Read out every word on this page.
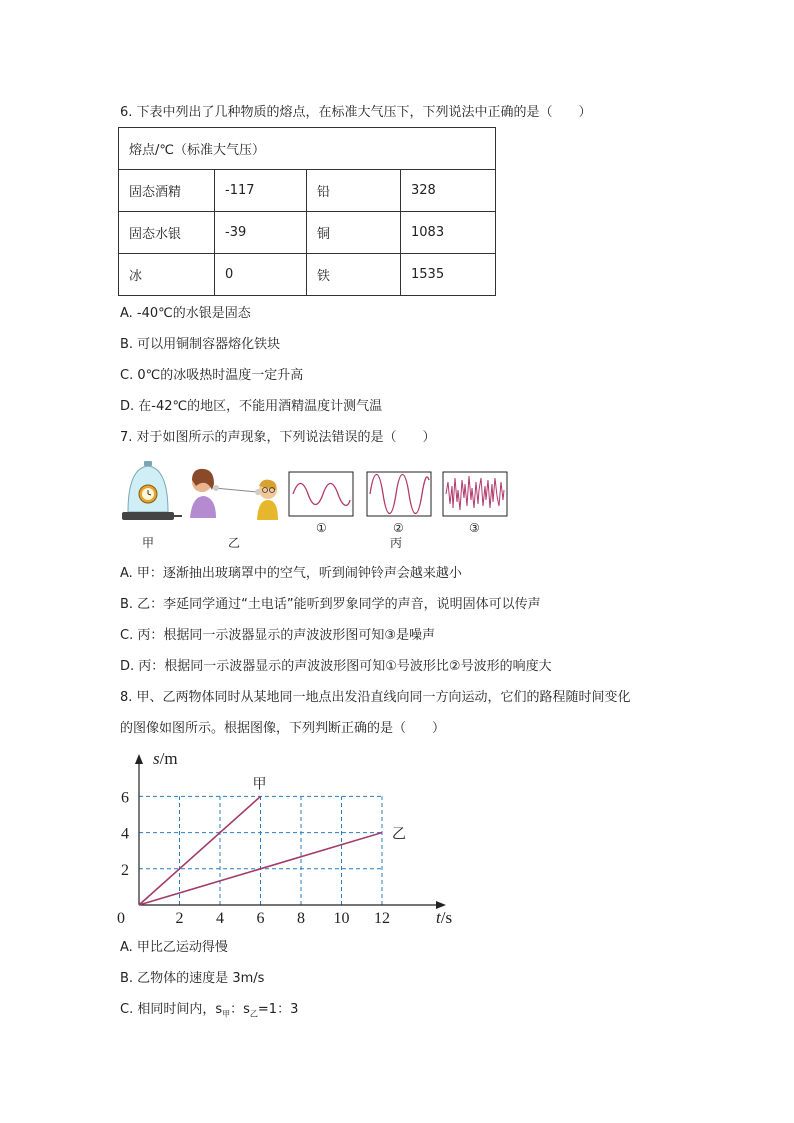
6. 下表中列出了几种物质的熔点，在标准大气压下，下列说法中正确的是（　　）
熔点/℃（标准大气压）			
固态酒精	-117	铅	328
固态水银	-39	铜	1083
冰	0	铁	1535
A. -40℃的水银是固态
B. 可以用铜制容器熔化铁块
C. 0℃的冰吸热时温度一定升高
D. 在-42℃的地区，不能用酒精温度计测气温
7. 对于如图所示的声现象，下列说法错误的是（　　）
甲	乙
①	②	③
丙
A. 甲：逐渐抽出玻璃罩中的空气，听到闹钟铃声会越来越小
B. 乙：李延同学通过“土电话”能听到罗象同学的声音，说明固体可以传声
C. 丙：根据同一示波器显示的声波波形图可知③是噪声
D. 丙：根据同一示波器显示的声波波形图可知①号波形比②号波形的响度大
8. 甲、乙两物体同时从某地同一地点出发沿直线向同一方向运动，它们的路程随时间变化
的图像如图所示。根据图像，下列判断正确的是（　　）
甲
乙
0	2 4 6 8 10 12
2
4
6
t/s
s/m
A. 甲比乙运动得慢
B. 乙物体的速度是 3m/s
C. 相同时间内，$s_甲$：$s_乙=1$：3
